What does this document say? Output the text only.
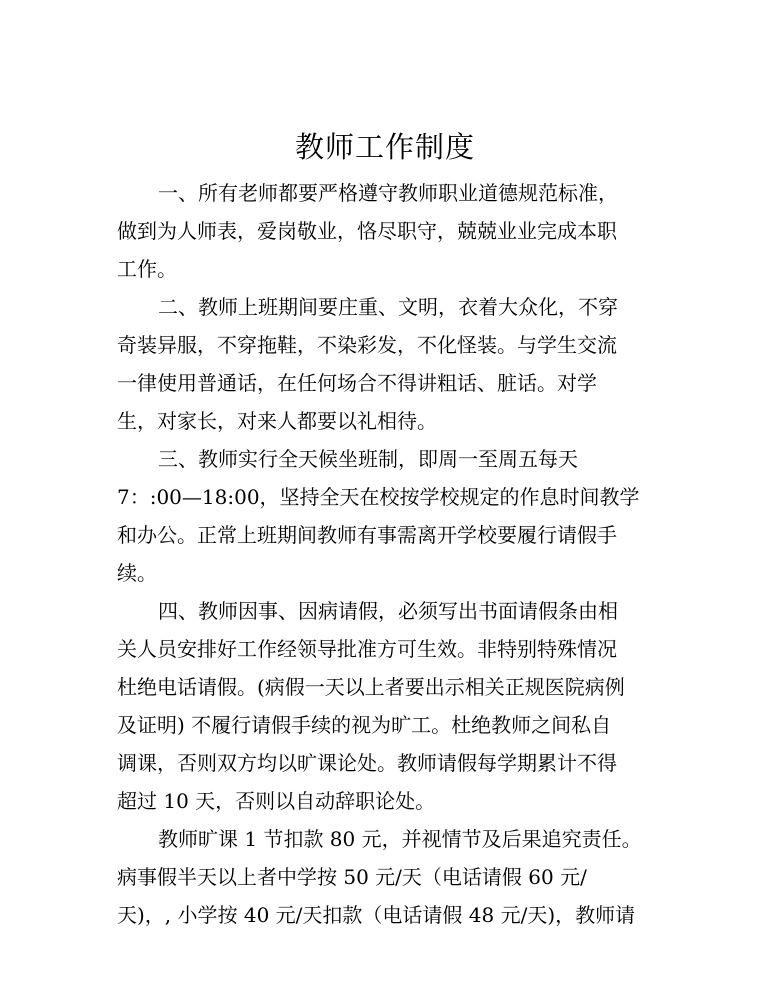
教师工作制度

一、所有老师都要严格遵守教师职业道德规范标准，

做到为人师表，爱岗敬业，恪尽职守，兢兢业业完成本职

工作。

二、教师上班期间要庄重、文明，衣着大众化，不穿

奇装异服，不穿拖鞋，不染彩发，不化怪装。与学生交流

一律使用普通话，在任何场合不得讲粗话、脏话。对学

生，对家长，对来人都要以礼相待。

三、教师实行全天候坐班制，即周一至周五每天

7：:00—18:00，坚持全天在校按学校规定的作息时间教学

和办公。正常上班期间教师有事需离开学校要履行请假手

续。

四、教师因事、因病请假，必须写出书面请假条由相

关人员安排好工作经领导批准方可生效。非特别特殊情况

杜绝电话请假。(病假一天以上者要出示相关正规医院病例

及证明) 不履行请假手续的视为旷工。杜绝教师之间私自

调课，否则双方均以旷课论处。教师请假每学期累计不得

超过 10 天，否则以自动辞职论处。

教师旷课 1 节扣款 80 元，并视情节及后果追究责任。

病事假半天以上者中学按 50 元/天（电话请假 60 元/

天)，, 小学按 40 元/天扣款（电话请假 48 元/天)，教师请
